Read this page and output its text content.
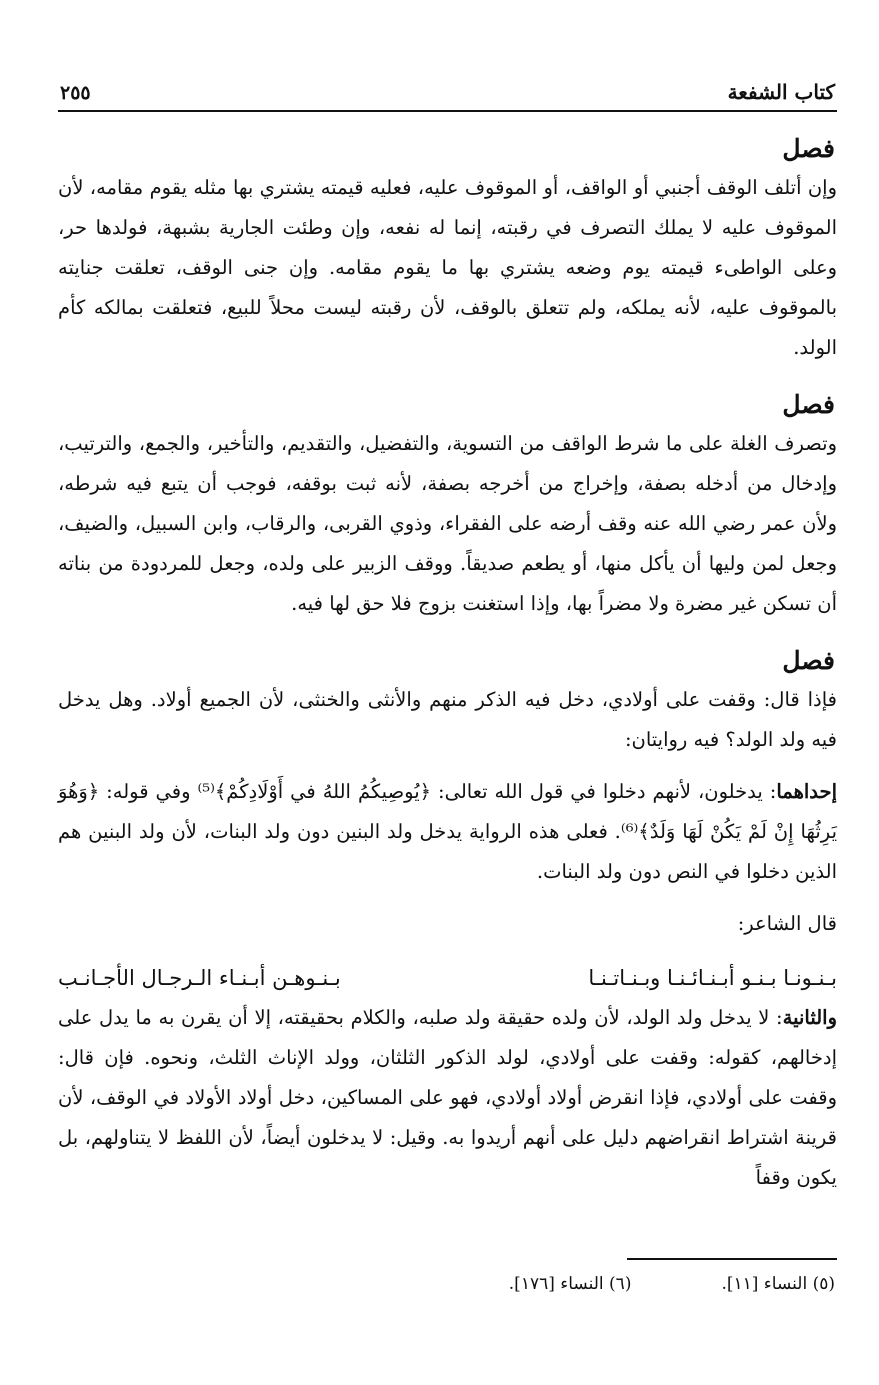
كتاب الشفعة
٢٥٥
فصل

وإن أتلف الوقف أجنبي أو الواقف، أو الموقوف عليه، فعليه قيمته يشتري بها مثله يقوم مقامه، لأن الموقوف عليه لا يملك التصرف في رقبته، إنما له نفعه، وإن وطئت الجارية بشبهة، فولدها حر، وعلى الواطىء قيمته يوم وضعه يشتري بها ما يقوم مقامه. وإن جنى الوقف، تعلقت جنايته بالموقوف عليه، لأنه يملكه، ولم تتعلق بالوقف، لأن رقبته ليست محلاً للبيع، فتعلقت بمالكه كأم الولد.

فصل

وتصرف الغلة على ما شرط الواقف من التسوية، والتفضيل، والتقديم، والتأخير، والجمع، والترتيب، وإدخال من أدخله بصفة، وإخراج من أخرجه بصفة، لأنه ثبت بوقفه، فوجب أن يتبع فيه شرطه، ولأن عمر رضي الله عنه وقف أرضه على الفقراء، وذوي القربى، والرقاب، وابن السبيل، والضيف، وجعل لمن وليها أن يأكل منها، أو يطعم صديقاً. ووقف الزبير على ولده، وجعل للمردودة من بناته أن تسكن غير مضرة ولا مضراً بها، وإذا استغنت بزوج فلا حق لها فيه.

فصل

فإذا قال: وقفت على أولادي، دخل فيه الذكر منهم والأنثى والخنثى، لأن الجميع أولاد. وهل يدخل فيه ولد الولد؟ فيه روايتان:

إحداهما: يدخلون، لأنهم دخلوا في قول الله تعالى: ﴿يُوصِيكُمُ اللهُ في أَوْلَادِكُمْ﴾⁽⁵⁾ وفي قوله: ﴿وَهُوَ يَرِثُهَا إِنْ لَمْ يَكُنْ لَهَا وَلَدٌ﴾⁽⁶⁾. فعلى هذه الرواية يدخل ولد البنين دون ولد البنات، لأن ولد البنين هم الذين دخلوا في النص دون ولد البنات.

قال الشاعر:

بـنـونـا بـنـو أبـنـائـنـا وبـنـاتـنـا
بـنـوهـن أبـنـاء الـرجـال الأجـانـب

والثانية: لا يدخل ولد الولد، لأن ولده حقيقة ولد صلبه، والكلام بحقيقته، إلا أن يقرن به ما يدل على إدخالهم، كقوله: وقفت على أولادي، لولد الذكور الثلثان، وولد الإناث الثلث، ونحوه. فإن قال: وقفت على أولادي، فإذا انقرض أولاد أولادي، فهو على المساكين، دخل أولاد الأولاد في الوقف، لأن قرينة اشتراط انقراضهم دليل على أنهم أريدوا به. وقيل: لا يدخلون أيضاً، لأن اللفظ لا يتناولهم، بل يكون وقفاً

(٥) النساء [١١].
(٦) النساء [١٧٦].
